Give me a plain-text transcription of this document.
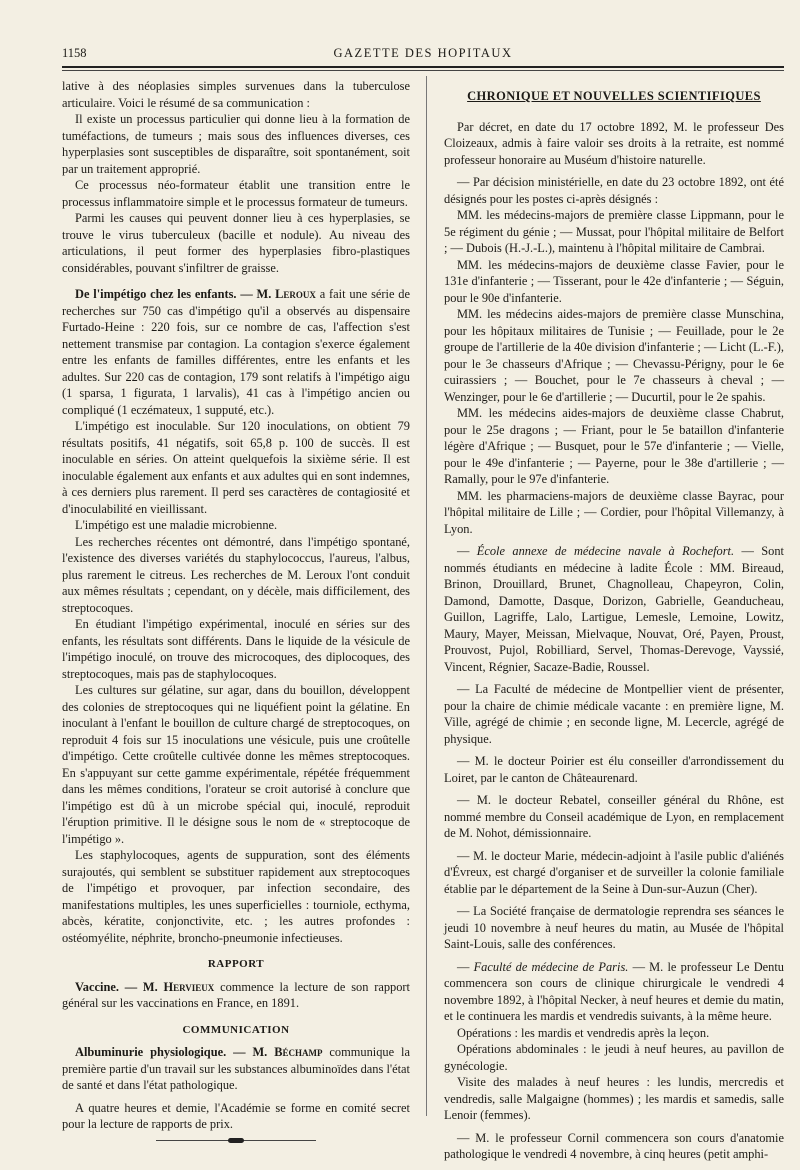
1158	GAZETTE DES HOPITAUX

lative à des néoplasies simples survenues dans la tuberculose articulaire. Voici le résumé de sa communication :

Il existe un processus particulier qui donne lieu à la formation de tuméfactions, de tumeurs ; mais sous des influences diverses, ces hyperplasies sont susceptibles de disparaître, soit spontanément, soit par un traitement approprié.

Ce processus néo-formateur établit une transition entre le processus inflammatoire simple et le processus formateur de tumeurs.

Parmi les causes qui peuvent donner lieu à ces hyperplasies, se trouve le virus tuberculeux (bacille et nodule). Au niveau des articulations, il peut former des hyperplasies fibro-plastiques considérables, pouvant s'infiltrer de graisse.

De l'impétigo chez les enfants. — M. Leroux a fait une série de recherches sur 750 cas d'impétigo qu'il a observés au dispensaire Furtado-Heine : 220 fois, sur ce nombre de cas, l'affection s'est nettement transmise par contagion. La contagion s'exerce également entre les enfants de familles différentes, entre les enfants et les adultes. Sur 220 cas de contagion, 179 sont relatifs à l'impétigo aigu (1 sparsa, 1 figurata, 1 larvalis), 41 cas à l'impétigo ancien ou compliqué (1 eczémateux, 1 supputé, etc.).

L'impétigo est inoculable. Sur 120 inoculations, on obtient 79 résultats positifs, 41 négatifs, soit 65,8 p. 100 de succès. Il est inoculable en séries. On atteint quelquefois la sixième série. Il est inoculable également aux enfants et aux adultes qui en sont indemnes, à ces derniers plus rarement. Il perd ses caractères de contagiosité et d'inoculabilité en vieillissant.

L'impétigo est une maladie microbienne.

Les recherches récentes ont démontré, dans l'impétigo spontané, l'existence des diverses variétés du staphylococcus, l'aureus, l'albus, plus rarement le citreus. Les recherches de M. Leroux l'ont conduit aux mêmes résultats ; cependant, on y décèle, mais difficilement, des streptocoques.

En étudiant l'impétigo expérimental, inoculé en séries sur des enfants, les résultats sont différents. Dans le liquide de la vésicule de l'impétigo inoculé, on trouve des microcoques, des diplocoques, des streptocoques, mais pas de staphylocoques.

Les cultures sur gélatine, sur agar, dans du bouillon, développent des colonies de streptocoques qui ne liquéfient point la gélatine. En inoculant à l'enfant le bouillon de culture chargé de streptocoques, on reproduit 4 fois sur 15 inoculations une vésicule, puis une croûtelle d'impétigo. Cette croûtelle cultivée donne les mêmes streptocoques. En s'appuyant sur cette gamme expérimentale, répétée fréquemment dans les mêmes conditions, l'orateur se croit autorisé à conclure que l'impétigo est dû à un microbe spécial qui, inoculé, reproduit l'éruption primitive. Il le désigne sous le nom de « streptocoque de l'impétigo ».

Les staphylocoques, agents de suppuration, sont des éléments surajoutés, qui semblent se substituer rapidement aux streptocoques de l'impétigo et provoquer, par infection secondaire, des manifestations multiples, les unes superficielles : tourniole, ecthyma, abcès, kératite, conjonctivite, etc. ; les autres profondes : ostéomyélite, néphrite, broncho-pneumonie infectieuses.

RAPPORT

Vaccine. — M. Hervieux commence la lecture de son rapport général sur les vaccinations en France, en 1891.

COMMUNICATION

Albuminurie physiologique. — M. Béchamp communique la première partie d'un travail sur les substances albuminoïdes dans l'état de santé et dans l'état pathologique.

A quatre heures et demie, l'Académie se forme en comité secret pour la lecture de rapports de prix.

CHRONIQUE ET NOUVELLES SCIENTIFIQUES

Par décret, en date du 17 octobre 1892, M. le professeur Des Cloizeaux, admis à faire valoir ses droits à la retraite, est nommé professeur honoraire au Muséum d'histoire naturelle.

— Par décision ministérielle, en date du 23 octobre 1892, ont été désignés pour les postes ci-après désignés :

MM. les médecins-majors de première classe Lippmann, pour le 5e régiment du génie ; — Mussat, pour l'hôpital militaire de Belfort ; — Dubois (H.-J.-L.), maintenu à l'hôpital militaire de Cambrai.

MM. les médecins-majors de deuxième classe Favier, pour le 131e d'infanterie ; — Tisserant, pour le 42e d'infanterie ; — Séguin, pour le 90e d'infanterie.

MM. les médecins aides-majors de première classe Munschina, pour les hôpitaux militaires de Tunisie ; — Feuillade, pour le 2e groupe de l'artillerie de la 40e division d'infanterie ; — Licht (L.-F.), pour le 3e chasseurs d'Afrique ; — Chevassu-Périgny, pour le 6e cuirassiers ; — Bouchet, pour le 7e chasseurs à cheval ; — Wenzinger, pour le 6e d'artillerie ; — Ducurtil, pour le 2e spahis.

MM. les médecins aides-majors de deuxième classe Chabrut, pour le 25e dragons ; — Friant, pour le 5e bataillon d'infanterie légère d'Afrique ; — Busquet, pour le 57e d'infanterie ; — Vielle, pour le 49e d'infanterie ; — Payerne, pour le 38e d'artillerie ; — Ramally, pour le 97e d'infanterie.

MM. les pharmaciens-majors de deuxième classe Bayrac, pour l'hôpital militaire de Lille ; — Cordier, pour l'hôpital Villemanzy, à Lyon.

— École annexe de médecine navale à Rochefort. — Sont nommés étudiants en médecine à ladite École : MM. Bireaud, Brinon, Drouillard, Brunet, Chagnolleau, Chapeyron, Colin, Damond, Damotte, Dasque, Dorizon, Gabrielle, Geanducheau, Guillon, Lagriffe, Lalo, Lartigue, Lemesle, Lemoine, Lowitz, Maury, Mayer, Meissan, Mielvaque, Nouvat, Oré, Payen, Proust, Prouvost, Pujol, Robilliard, Servel, Thomas-Derevoge, Vayssié, Vincent, Régnier, Sacaze-Badie, Roussel.

— La Faculté de médecine de Montpellier vient de présenter, pour la chaire de chimie médicale vacante : en première ligne, M. Ville, agrégé de chimie ; en seconde ligne, M. Lecercle, agrégé de physique.

— M. le docteur Poirier est élu conseiller d'arrondissement du Loiret, par le canton de Châteaurenard.

— M. le docteur Rebatel, conseiller général du Rhône, est nommé membre du Conseil académique de Lyon, en remplacement de M. Nohot, démissionnaire.

— M. le docteur Marie, médecin-adjoint à l'asile public d'aliénés d'Évreux, est chargé d'organiser et de surveiller la colonie familiale établie par le département de la Seine à Dun-sur-Auzun (Cher).

— La Société française de dermatologie reprendra ses séances le jeudi 10 novembre à neuf heures du matin, au Musée de l'hôpital Saint-Louis, salle des conférences.

— Faculté de médecine de Paris. — M. le professeur Le Dentu commencera son cours de clinique chirurgicale le vendredi 4 novembre 1892, à l'hôpital Necker, à neuf heures et demie du matin, et le continuera les mardis et vendredis suivants, à la même heure.

Opérations : les mardis et vendredis après la leçon.

Opérations abdominales : le jeudi à neuf heures, au pavillon de gynécologie.

Visite des malades à neuf heures : les lundis, mercredis et vendredis, salle Malgaigne (hommes) ; les mardis et samedis, salle Lenoir (femmes).

— M. le professeur Cornil commencera son cours d'anatomie pathologique le vendredi 4 novembre, à cinq heures (petit amphi-
